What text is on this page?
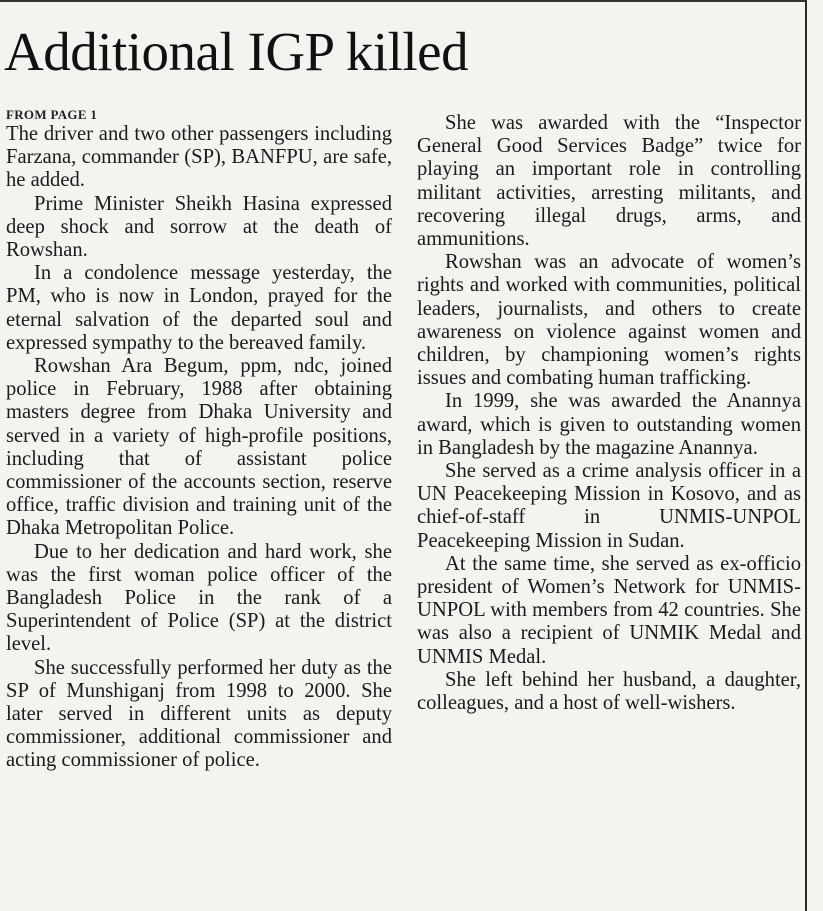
Additional IGP killed
FROM PAGE 1

The driver and two other passengers including Farzana, commander (SP), BANFPU, are safe, he added.

Prime Minister Sheikh Hasina expressed deep shock and sorrow at the death of Rowshan.

In a condolence message yesterday, the PM, who is now in London, prayed for the eternal salvation of the departed soul and expressed sympathy to the bereaved family.

Rowshan Ara Begum, ppm, ndc, joined police in February, 1988 after obtaining masters degree from Dhaka University and served in a variety of high-profile positions, including that of assistant police commissioner of the accounts section, reserve office, traffic division and training unit of the Dhaka Metropolitan Police.

Due to her dedication and hard work, she was the first woman police officer of the Bangladesh Police in the rank of a Superintendent of Police (SP) at the district level.

She successfully performed her duty as the SP of Munshiganj from 1998 to 2000. She later served in different units as deputy commissioner, additional commissioner and acting commissioner of police.

She was awarded with the “Inspector General Good Services Badge” twice for playing an important role in controlling militant activities, arresting militants, and recovering illegal drugs, arms, and ammunitions.

Rowshan was an advocate of women’s rights and worked with communities, political leaders, journalists, and others to create awareness on violence against women and children, by championing women’s rights issues and combating human trafficking.

In 1999, she was awarded the Anannya award, which is given to outstanding women in Bangladesh by the magazine Anannya.

She served as a crime analysis officer in a UN Peacekeeping Mission in Kosovo, and as chief-of-staff in UNMIS-UNPOL Peacekeeping Mission in Sudan.

At the same time, she served as ex-officio president of Women’s Network for UNMIS-UNPOL with members from 42 countries. She was also a recipient of UNMIK Medal and UNMIS Medal.

She left behind her husband, a daughter, colleagues, and a host of well-wishers.
